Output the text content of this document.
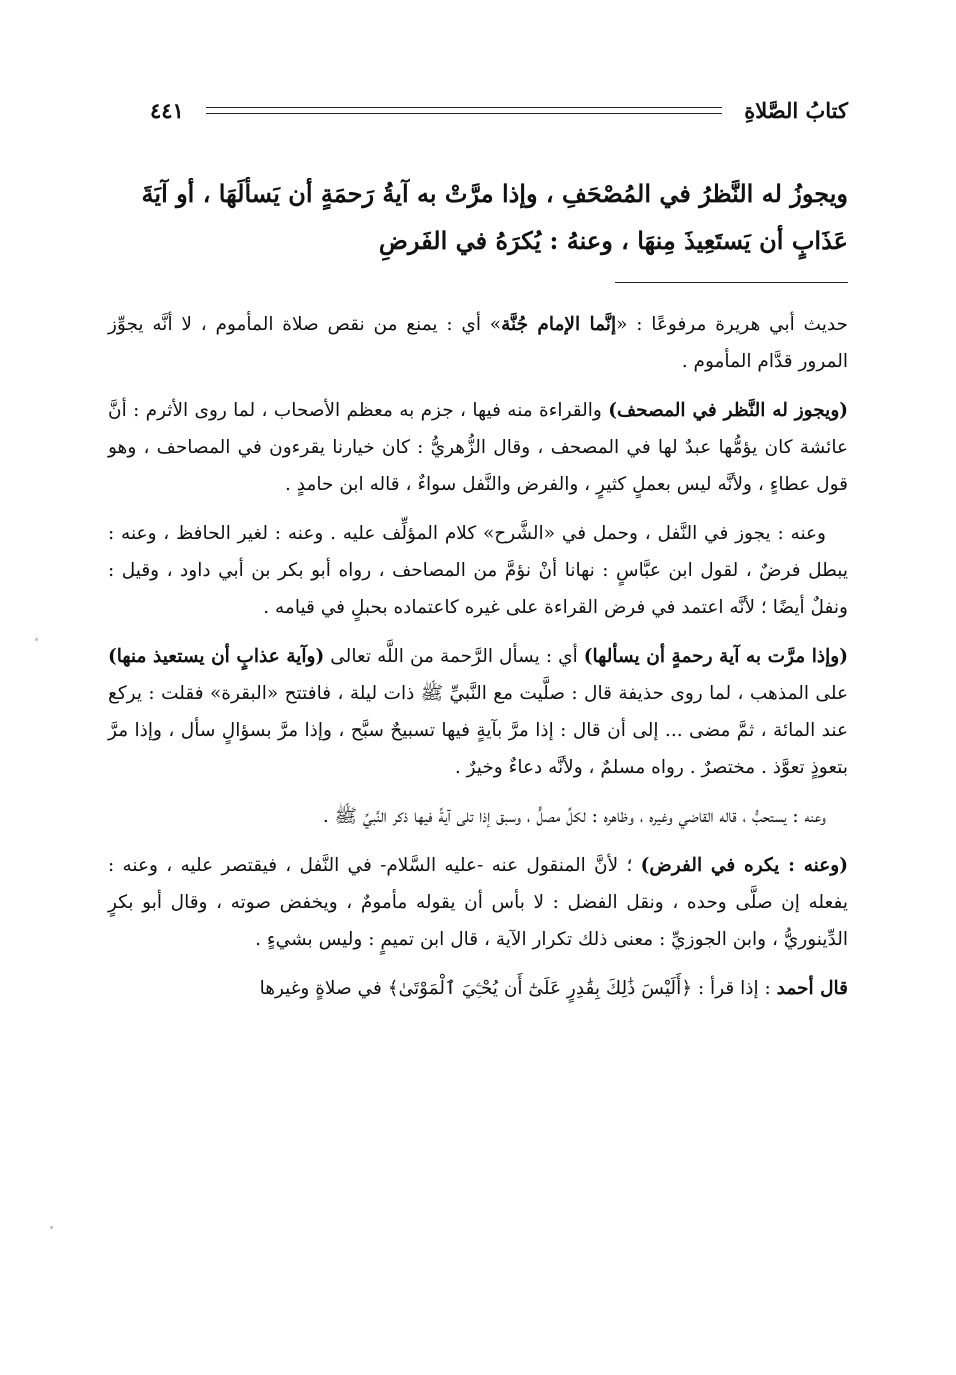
كتابُ الصَّلاةِ
٤٤١
ويجوزُ له النَّظرُ في المُصْحَفِ ، وإذا مرَّتْ به آيةُ رَحمَةٍ أن يَسألَهَا ، أو آيَةَ
عَذَابٍ أن يَستَعِيذَ مِنهَا ، وعنهُ : يُكرَهُ في الفَرضِ

حديث أبي هريرة مرفوعًا : «إنَّما الإمام جُنَّة» أي : يمنع من نقص صلاة المأموم ، لا أنَّه يجوِّز المرور قدَّام المأموم .

(ويجوز له النَّظر في المصحف) والقراءة منه فيها ، جزم به معظم الأصحاب ، لما روى الأثرم : أنَّ عائشة كان يؤمُّها عبدٌ لها في المصحف ، وقال الزُّهريُّ : كان خيارنا يقرءون في المصاحف ، وهو قول عطاءٍ ، ولأنَّه ليس بعملٍ كثيرٍ ، والفرض والنَّفل سواءٌ ، قاله ابن حامدٍ .

وعنه : يجوز في النَّفل ، وحمل في «الشَّرح» كلام المؤلِّف عليه . وعنه : لغير الحافظ ، وعنه : يبطل فرضٌ ، لقول ابن عبَّاسٍ : نهانا أنْ نؤمَّ من المصاحف ، رواه أبو بكر بن أبي داود ، وقيل : ونفلٌ أيضًا ؛ لأنَّه اعتمد في فرض القراءة على غيره كاعتماده بحبلٍ في قيامه .

(وإذا مرَّت به آية رحمةٍ أن يسألها) أي : يسأل الرَّحمة من اللَّه تعالى (وآية عذابٍ أن يستعيذ منها) على المذهب ، لما روى حذيفة قال : صلَّيت مع النَّبيِّ ﷺ ذات ليلة ، فافتتح «البقرة» فقلت : يركع عند المائة ، ثمَّ مضى ... إلى أن قال : إذا مرَّ بآيةٍ فيها تسبيحٌ سبَّح ، وإذا مرَّ بسؤالٍ سأل ، وإذا مرَّ بتعوذٍ تعوَّذ . مختصرٌ . رواه مسلمٌ ، ولأنَّه دعاءٌ وخيرٌ .

وعنه : يستحبُّ ، قاله القاضي وغيره ، وظاهره : لكلِّ مصلٍّ ، وسبق إذا تلى آيةً فيها ذكر النَّبيِّ ﷺ .

(وعنه : يكره في الفرض) ؛ لأنَّ المنقول عنه -عليه السَّلام- في النَّفل ، فيقتصر عليه ، وعنه : يفعله إن صلَّى وحده ، ونقل الفضل : لا بأس أن يقوله مأمومٌ ، ويخفض صوته ، وقال أبو بكرٍ الدِّينوريُّ ، وابن الجوزيِّ : معنى ذلك تكرار الآية ، قال ابن تميمٍ : وليس بشيءٍ .

قال أحمد : إذا قرأ : ﴿أَلَيْسَ ذَٰلِكَ بِقَٰدِرٍ عَلَىٰٓ أَن يُحْـِۧيَ ٱلْمَوْتَىٰ﴾ في صلاةٍ وغيرها
